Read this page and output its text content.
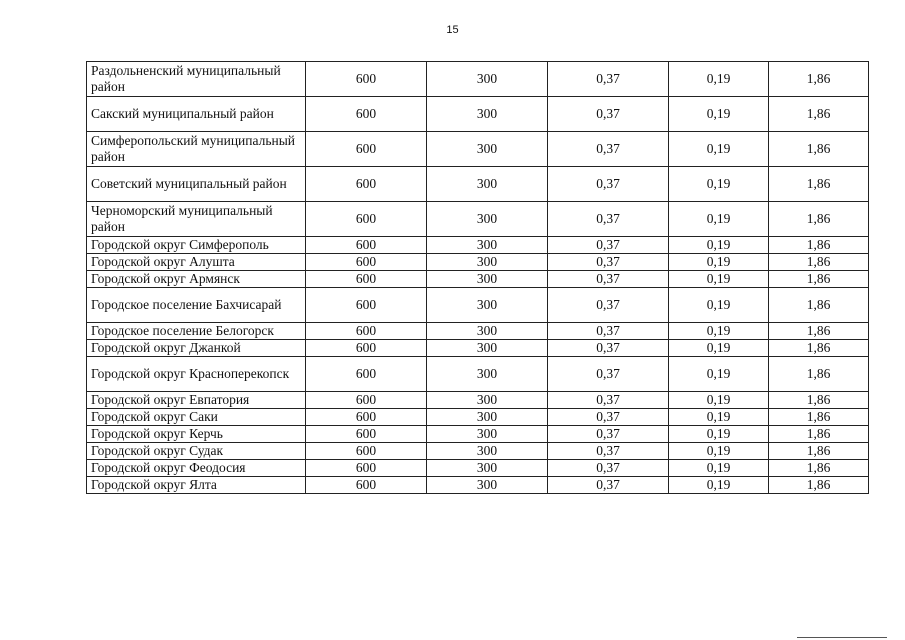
15
Раздольненский муниципальный район	600	300	0,37	0,19	1,86
Сакский муниципальный район	600	300	0,37	0,19	1,86
Симферопольский муниципальный район	600	300	0,37	0,19	1,86
Советский муниципальный район	600	300	0,37	0,19	1,86
Черноморский муниципальный район	600	300	0,37	0,19	1,86
Городской округ Симферополь	600	300	0,37	0,19	1,86
Городской округ Алушта	600	300	0,37	0,19	1,86
Городской округ Армянск	600	300	0,37	0,19	1,86
Городское поселение Бахчисарай	600	300	0,37	0,19	1,86
Городское поселение Белогорск	600	300	0,37	0,19	1,86
Городской округ Джанкой	600	300	0,37	0,19	1,86
Городской округ Красноперекопск	600	300	0,37	0,19	1,86
Городской округ Евпатория	600	300	0,37	0,19	1,86
Городской округ Саки	600	300	0,37	0,19	1,86
Городской округ Керчь	600	300	0,37	0,19	1,86
Городской округ Судак	600	300	0,37	0,19	1,86
Городской округ Феодосия	600	300	0,37	0,19	1,86
Городской округ Ялта	600	300	0,37	0,19	1,86
